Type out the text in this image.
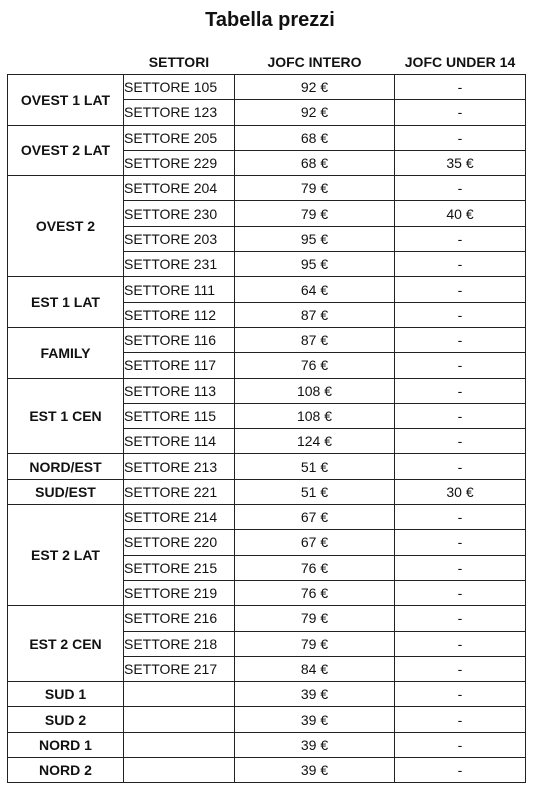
Tabella prezzi
	SETTORI	JOFC INTERO	JOFC UNDER 14
OVEST 1 LAT	SETTORE 105	92 €	-
	SETTORE 123	92 €	-
OVEST 2 LAT	SETTORE 205	68 €	-
	SETTORE 229	68 €	35 €
OVEST 2	SETTORE 204	79 €	-
	SETTORE 230	79 €	40 €
	SETTORE 203	95 €	-
	SETTORE 231	95 €	-
EST 1 LAT	SETTORE 111	64 €	-
	SETTORE 112	87 €	-
FAMILY	SETTORE 116	87 €	-
	SETTORE 117	76 €	-
EST 1 CEN	SETTORE 113	108 €	-
	SETTORE 115	108 €	-
	SETTORE 114	124 €	-
NORD/EST	SETTORE 213	51 €	-
SUD/EST	SETTORE 221	51 €	30 €
EST 2 LAT	SETTORE 214	67 €	-
	SETTORE 220	67 €	-
	SETTORE 215	76 €	-
	SETTORE 219	76 €	-
EST 2 CEN	SETTORE 216	79 €	-
	SETTORE 218	79 €	-
	SETTORE 217	84 €	-
SUD 1		39 €	-
SUD 2		39 €	-
NORD 1		39 €	-
NORD 2		39 €	-
